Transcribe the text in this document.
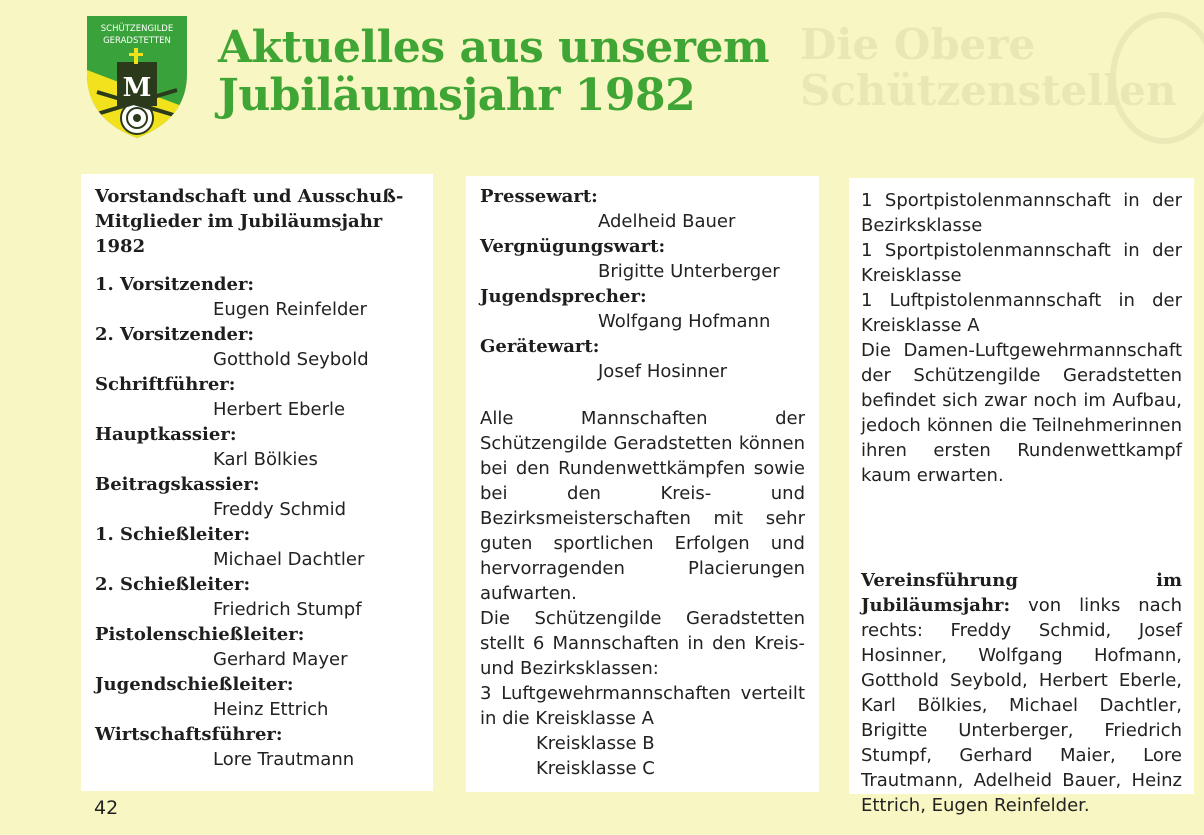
Die Obere
Schützenstellen
SCHÜTZENGILDE
GERADSTETTEN
M
Aktuelles aus unserem
Jubiläumsjahr 1982
Vorstandschaft und Ausschuß-Mitglieder im Jubiläumsjahr 1982
1. Vorsitzender:
Eugen Reinfelder
2. Vorsitzender:
Gotthold Seybold
Schriftführer:
Herbert Eberle
Hauptkassier:
Karl Bölkies
Beitragskassier:
Freddy Schmid
1. Schießleiter:
Michael Dachtler
2. Schießleiter:
Friedrich Stumpf
Pistolenschießleiter:
Gerhard Mayer
Jugendschießleiter:
Heinz Ettrich
Wirtschaftsführer:
Lore Trautmann
Pressewart:
Adelheid Bauer
Vergnügungswart:
Brigitte Unterberger
Jugendsprecher:
Wolfgang Hofmann
Gerätewart:
Josef Hosinner
Alle Mannschaften der Schützengilde Geradstetten können bei den Rundenwettkämpfen sowie bei den Kreis- und Bezirksmeisterschaften mit sehr guten sportlichen Erfolgen und hervorragenden Placierungen aufwarten.
Die Schützengilde Geradstetten stellt 6 Mannschaften in den Kreis- und Bezirksklassen:
3 Luftgewehrmannschaften verteilt in die Kreisklasse A
Kreisklasse B
Kreisklasse C
1 Sportpistolenmannschaft in der Bezirksklasse
1 Sportpistolenmannschaft in der Kreisklasse
1 Luftpistolenmannschaft in der Kreisklasse A
Die Damen-Luftgewehrmannschaft der Schützengilde Geradstetten befindet sich zwar noch im Aufbau, jedoch können die Teilnehmerinnen ihren ersten Rundenwettkampf kaum erwarten.
Vereinsführung im Jubiläumsjahr: von links nach rechts: Freddy Schmid, Josef Hosinner, Wolfgang Hofmann, Gotthold Seybold, Herbert Eberle, Karl Bölkies, Michael Dachtler, Brigitte Unterberger, Friedrich Stumpf, Gerhard Maier, Lore Trautmann, Adelheid Bauer, Heinz Ettrich, Eugen Reinfelder.
42
